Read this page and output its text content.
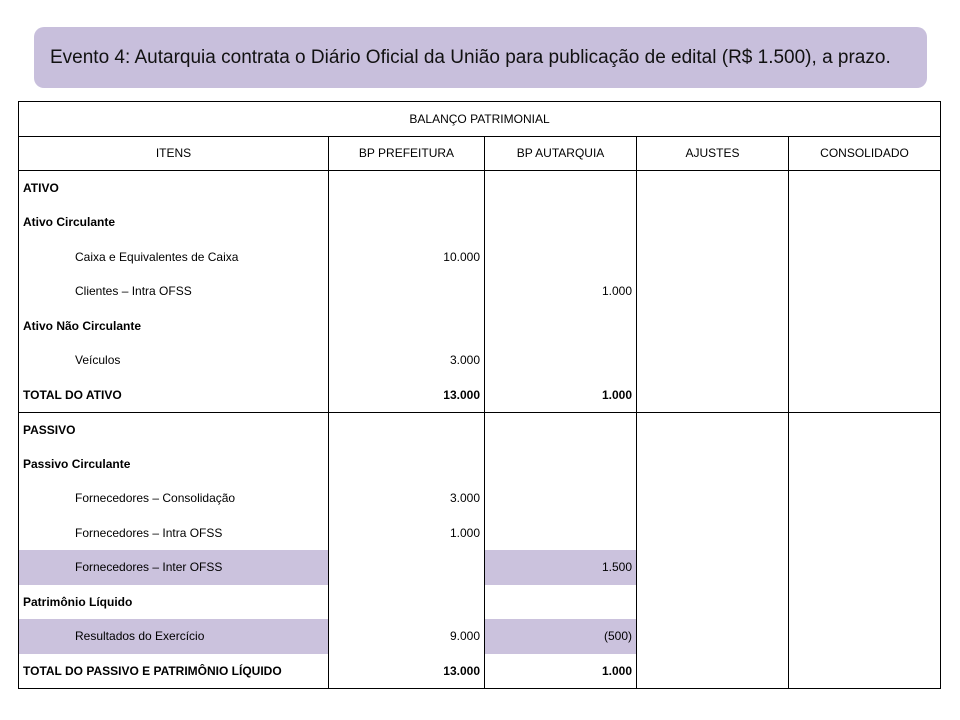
Evento 4: Autarquia contrata o Diário Oficial da União para publicação de edital (R$ 1.500), a prazo.
BALANÇO PATRIMONIAL				
ITENS	BP PREFEITURA	BP AUTARQUIA	AJUSTES	CONSOLIDADO
ATIVO				
Ativo Circulante				
Caixa e Equivalentes de Caixa	10.000			
Clientes – Intra OFSS		1.000		
Ativo Não Circulante				
Veículos	3.000			
TOTAL DO ATIVO	13.000	1.000		
PASSIVO				
Passivo Circulante				
Fornecedores – Consolidação	3.000			
Fornecedores – Intra OFSS	1.000			
Fornecedores – Inter OFSS		1.500		
Patrimônio Líquido				
Resultados do Exercício	9.000	(500)		
TOTAL DO PASSIVO E PATRIMÔNIO LÍQUIDO	13.000	1.000		
